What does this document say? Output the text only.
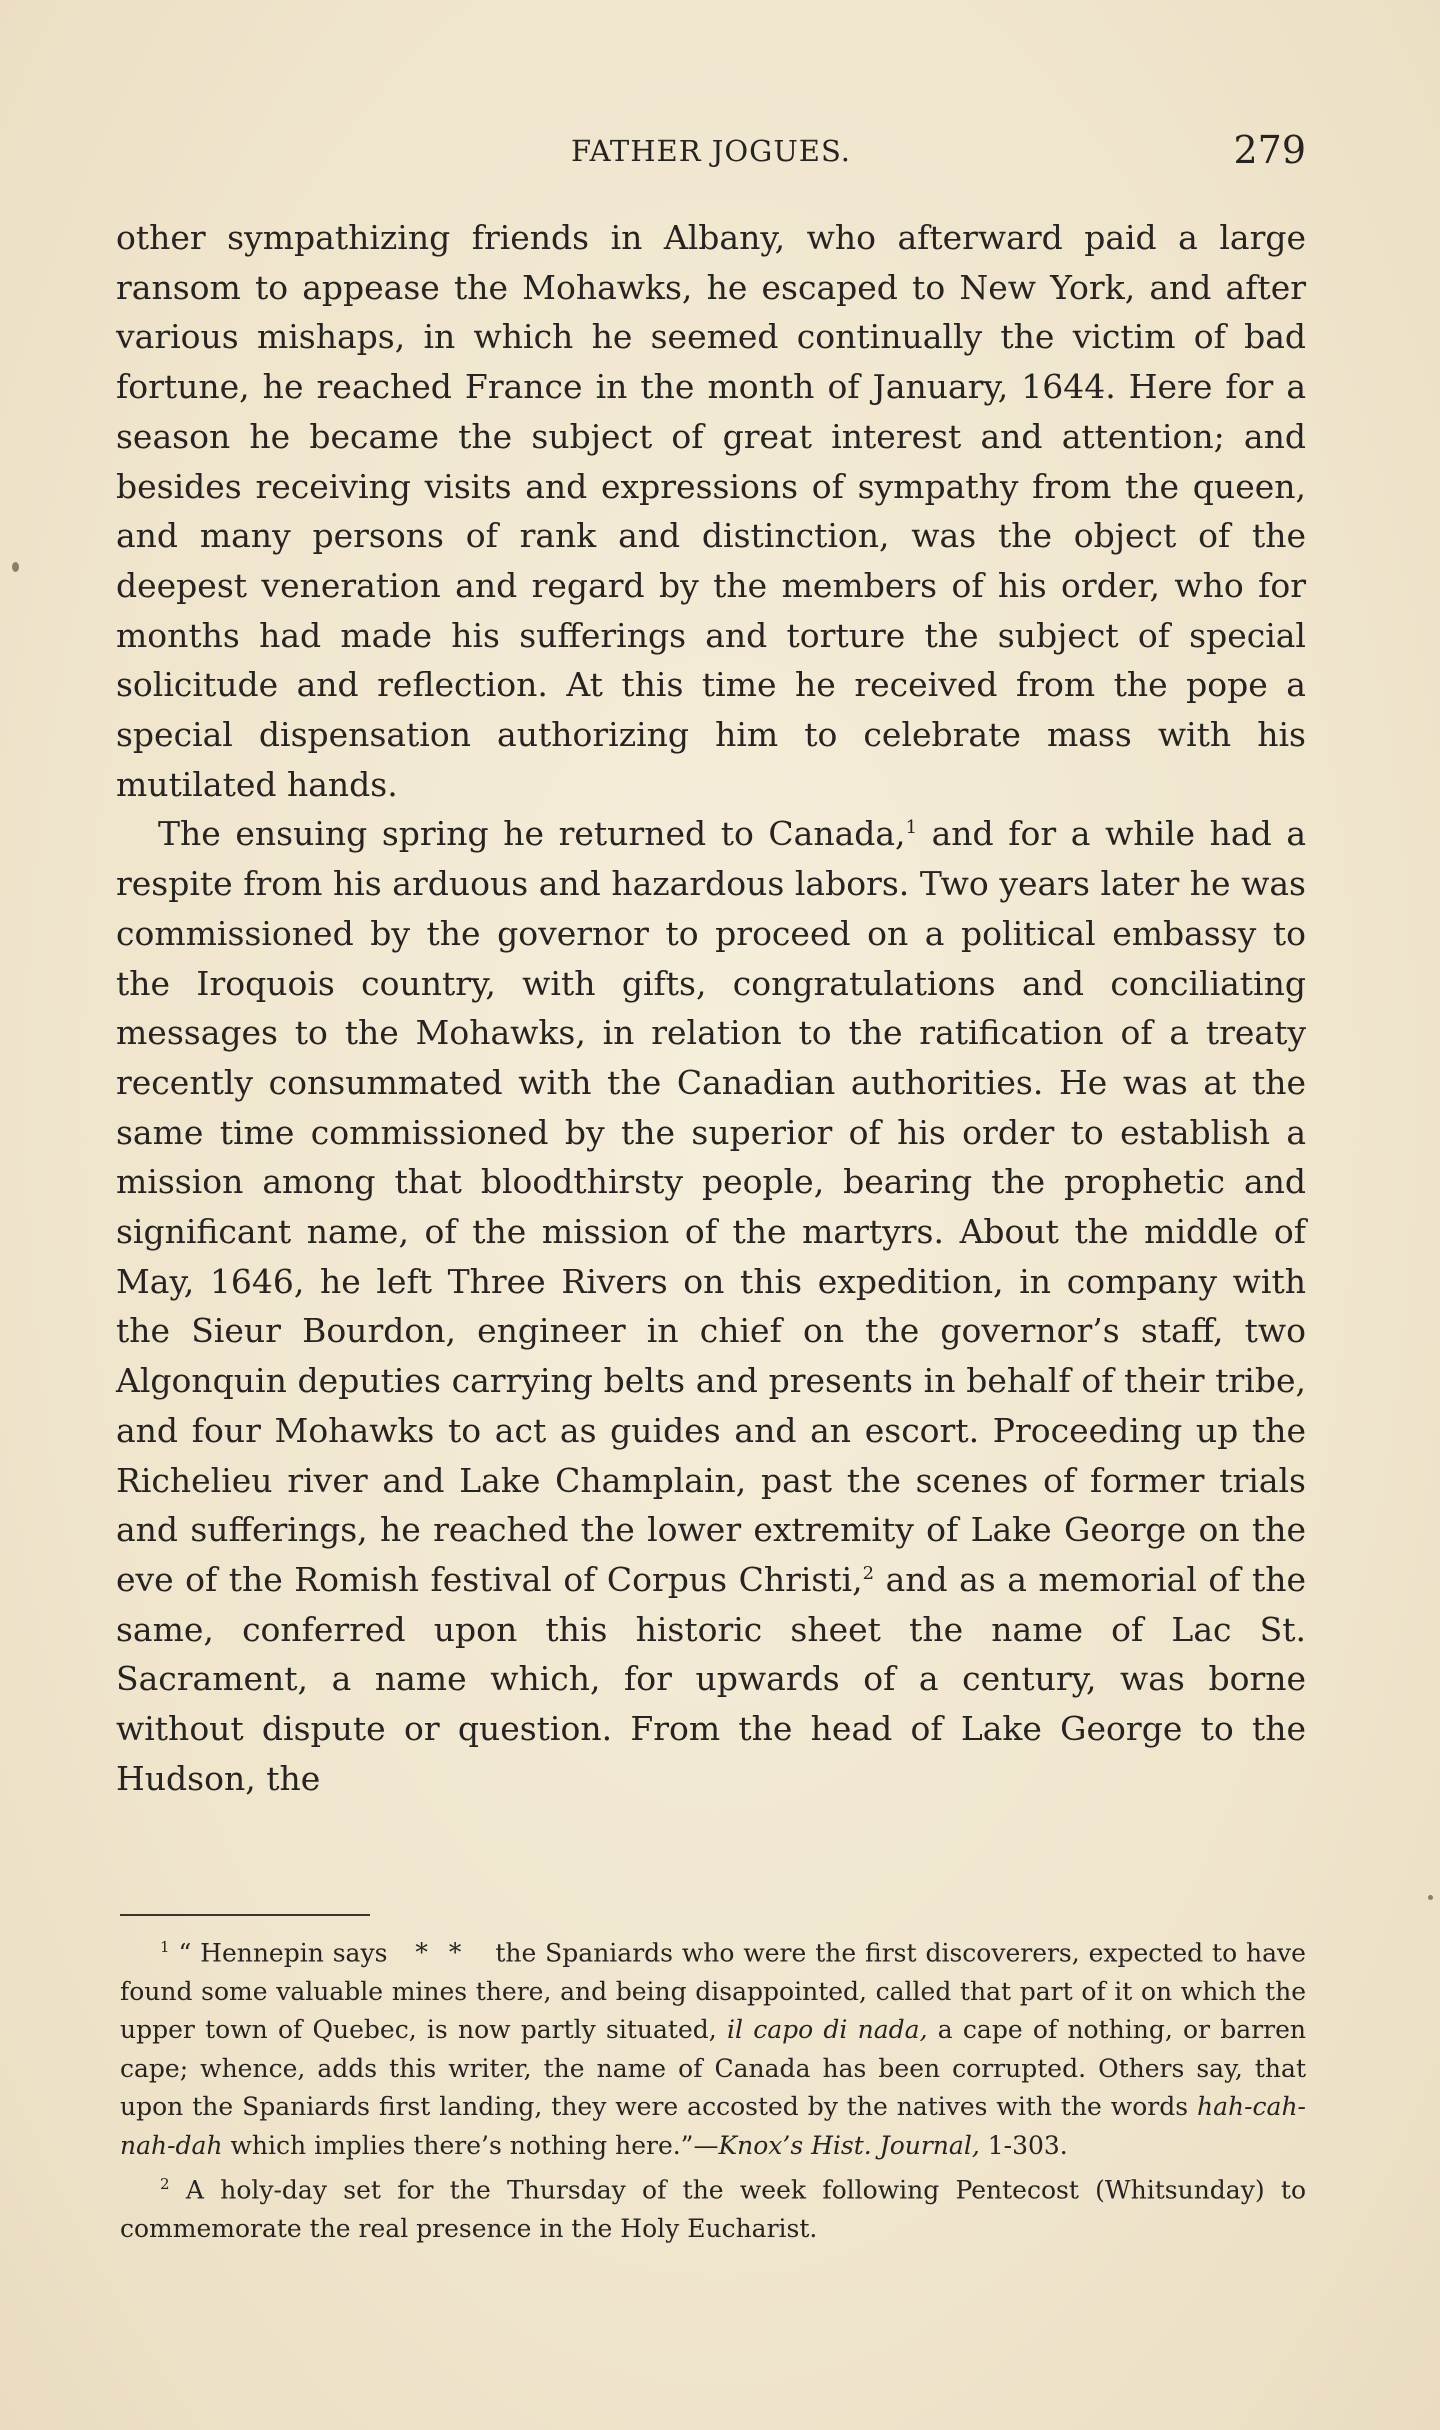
FATHER JOGUES.	279

other sympathizing friends in Albany, who afterward paid a large ransom to appease the Mohawks, he escaped to New York, and after various mishaps, in which he seemed continually the victim of bad fortune, he reached France in the month of January, 1644. Here for a season he became the subject of great interest and attention; and besides receiving visits and expressions of sympathy from the queen, and many persons of rank and distinction, was the object of the deepest veneration and regard by the members of his order, who for months had made his sufferings and torture the subject of special solicitude and reflection. At this time he received from the pope a special dispensation authorizing him to celebrate mass with his mutilated hands.

The ensuing spring he returned to Canada,$^1$ and for a while had a respite from his arduous and hazardous labors. Two years later he was commissioned by the governor to proceed on a political embassy to the Iroquois country, with gifts, congratulations and conciliating messages to the Mohawks, in relation to the ratification of a treaty recently consummated with the Canadian authorities. He was at the same time commissioned by the superior of his order to establish a mission among that bloodthirsty people, bearing the prophetic and significant name, of the mission of the martyrs. About the middle of May, 1646, he left Three Rivers on this expedition, in company with the Sieur Bourdon, engineer in chief on the governor’s staff, two Algonquin deputies carrying belts and presents in behalf of their tribe, and four Mohawks to act as guides and an escort. Proceeding up the Richelieu river and Lake Champlain, past the scenes of former trials and sufferings, he reached the lower extremity of Lake George on the eve of the Romish festival of Corpus Christi,$^2$ and as a memorial of the same, conferred upon this historic sheet the name of Lac St. Sacrament, a name which, for upwards of a century, was borne without dispute or question. From the head of Lake George to the Hudson, the

$^1$ “ Hennepin says * * the Spaniards who were the first discoverers, expected to have found some valuable mines there, and being disappointed, called that part of it on which the upper town of Quebec, is now partly situated, il capo di nada, a cape of nothing, or barren cape; whence, adds this writer, the name of Canada has been corrupted. Others say, that upon the Spaniards first landing, they were accosted by the natives with the words hah-cah-nah-dah which implies there’s nothing here.”—Knox’s Hist. Journal, 1-303.

$^2$ A holy-day set for the Thursday of the week following Pentecost (Whitsunday) to commemorate the real presence in the Holy Eucharist.
